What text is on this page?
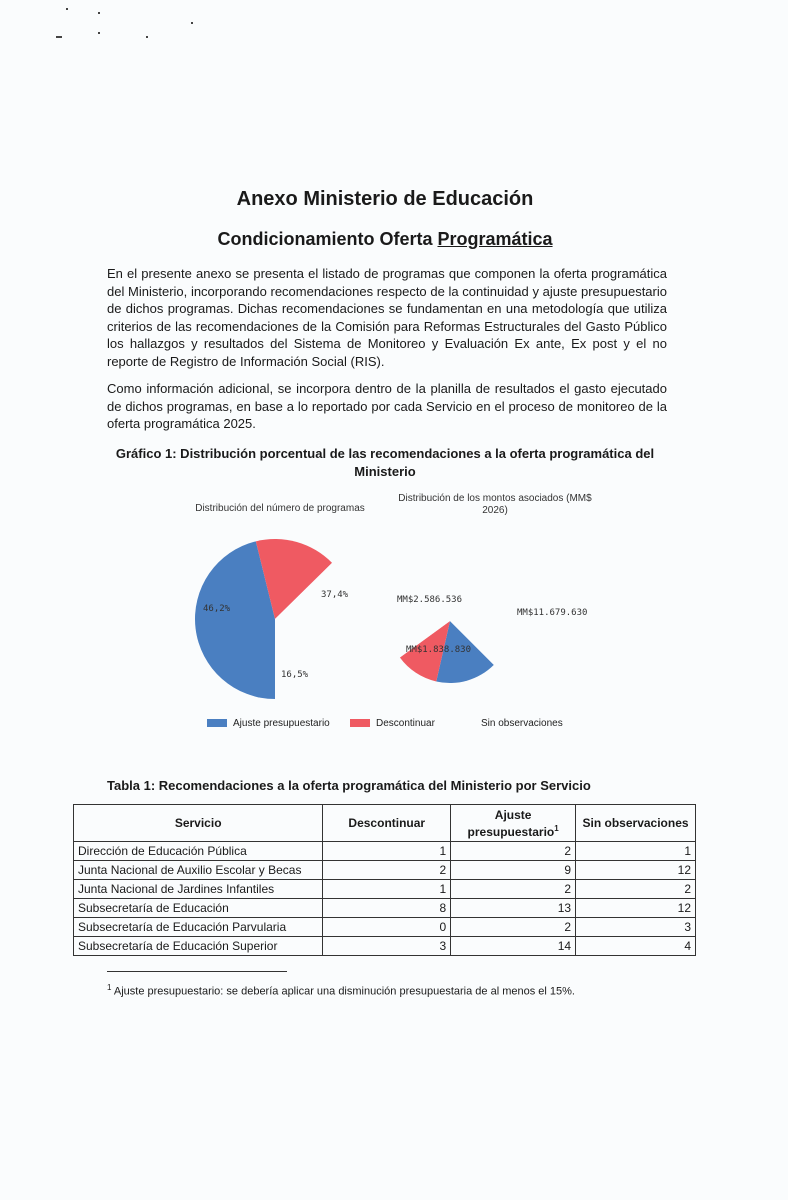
Anexo Ministerio de Educación
Condicionamiento Oferta Programática
En el presente anexo se presenta el listado de programas que componen la oferta programática del Ministerio, incorporando recomendaciones respecto de la continuidad y ajuste presupuestario de dichos programas. Dichas recomendaciones se fundamentan en una metodología que utiliza criterios de las recomendaciones de la Comisión para Reformas Estructurales del Gasto Público los hallazgos y resultados del Sistema de Monitoreo y Evaluación Ex ante, Ex post y el no reporte de Registro de Información Social (RIS).
Como información adicional, se incorpora dentro de la planilla de resultados el gasto ejecutado de dichos programas, en base a lo reportado por cada Servicio en el proceso de monitoreo de la oferta programática 2025.
Gráfico 1: Distribución porcentual de las recomendaciones a la oferta programática del Ministerio
Distribución del número de programas
Distribución de los montos asociados (MM$ 2026)
46,2%
16,5%
37,4%	MM$2.586.536
MM$1.838.830
MM$11.679.630
Ajuste presupuestario	Descontinuar	Sin observaciones
Tabla 1: Recomendaciones a la oferta programática del Ministerio por Servicio
Servicio	Descontinuar	Ajuste presupuestario$^1$	Sin observaciones
Dirección de Educación Pública	1	2	1
Junta Nacional de Auxilio Escolar y Becas	2	9	12
Junta Nacional de Jardines Infantiles	1	2	2
Subsecretaría de Educación	8	13	12
Subsecretaría de Educación Parvularia	0	2	3
Subsecretaría de Educación Superior	3	14	4
$^1$ Ajuste presupuestario: se debería aplicar una disminución presupuestaria de al menos el 15%.
